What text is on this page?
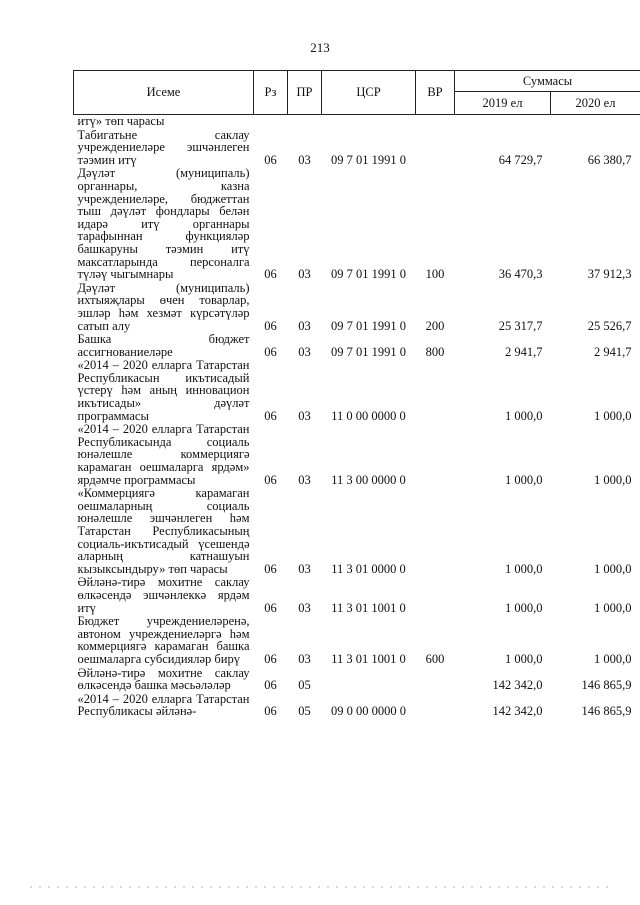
213
Исеме	Рз	ПР	ЦСР	ВР	Суммасы	
					2019 ел	2020 ел
итү» төп чарасы						
Табигатьне саклау учреждениеләре эшчәнлеген тәэмин итү	06	03	09 7 01 1991 0		64 729,7	66 380,7
Дәүләт (муниципаль) органнары, казна учреждениеләре, бюджеттан тыш дәүләт фондлары белән идарә итү органнары тарафыннан функцияләр башкаруны тәэмин итү максатларында персоналга түләү чыгымнары	06	03	09 7 01 1991 0	100	36 470,3	37 912,3
Дәүләт (муниципаль) ихтыяҗлары өчен товарлар, эшләр һәм хезмәт күрсәтүләр сатып алу	06	03	09 7 01 1991 0	200	25 317,7	25 526,7
Башка бюджет ассигнованиеләре	06	03	09 7 01 1991 0	800	2 941,7	2 941,7
«2014 – 2020 елларга Татарстан Республикасын икътисадый үстерү һәм аның инновацион икътисады» дәүләт программасы	06	03	11 0 00 0000 0		1 000,0	1 000,0
«2014 – 2020 елларга Татарстан Республикасында социаль юнәлешле коммерциягә карамаган оешмаларга ярдәм» ярдәмче программасы	06	03	11 3 00 0000 0		1 000,0	1 000,0
«Коммерциягә карамаган оешмаларның социаль юнәлешле эшчәнлеген һәм Татарстан Республикасының социаль-икътисадый үсешендә аларның катнашуын кызыксындыру» төп чарасы	06	03	11 3 01 0000 0		1 000,0	1 000,0
Әйләнә-тирә мохитне саклау өлкәсендә эшчәнлеккә ярдәм итү	06	03	11 3 01 1001 0		1 000,0	1 000,0
Бюджет учреждениеләренә, автоном учреждениеләргә һәм коммерциягә карамаган башка оешмаларга субсидияләр бирү	06	03	11 3 01 1001 0	600	1 000,0	1 000,0
Әйләнә-тирә мохитне саклау өлкәсендә башка мәсьәләләр	06	05			142 342,0	146 865,9
«2014 – 2020 елларга Татарстан Республикасы әйләнә-	06	05	09 0 00 0000 0		142 342,0	146 865,9
